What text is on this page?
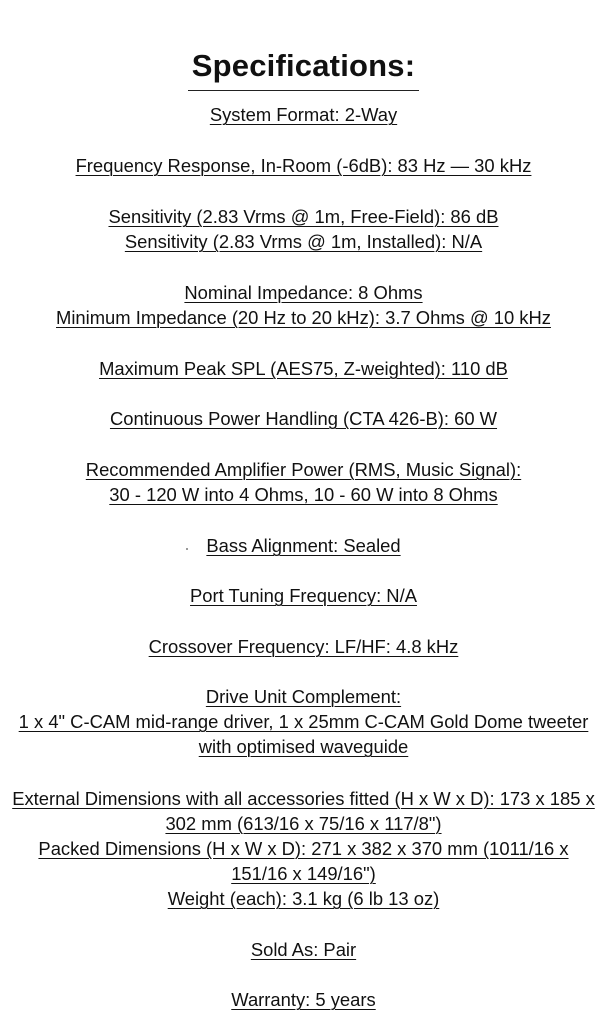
Specifications:
System Format: 2-Way
Frequency Response, In-Room (-6dB): 83 Hz — 30 kHz
Sensitivity (2.83 Vrms @ 1m, Free-Field): 86 dB
Sensitivity (2.83 Vrms @ 1m, Installed): N/A
Nominal Impedance: 8 Ohms
Minimum Impedance (20 Hz to 20 kHz): 3.7 Ohms @ 10 kHz
Maximum Peak SPL (AES75, Z-weighted): 110 dB
Continuous Power Handling (CTA 426-B): 60 W
Recommended Amplifier Power (RMS, Music Signal):
30 - 120 W into 4 Ohms, 10 - 60 W into 8 Ohms
Bass Alignment: Sealed
Port Tuning Frequency: N/A
Crossover Frequency: LF/HF: 4.8 kHz
Drive Unit Complement:
1 x 4" C-CAM mid-range driver, 1 x 25mm C-CAM Gold Dome tweeter
with optimised waveguide
External Dimensions with all accessories fitted (H x W x D): 173 x 185 x
302 mm (613/16 x 75/16 x 117/8")
Packed Dimensions (H x W x D): 271 x 382 x 370 mm (1011/16 x
151/16 x 149/16")
Weight (each): 3.1 kg (6 lb 13 oz)
Sold As: Pair
Warranty: 5 years
